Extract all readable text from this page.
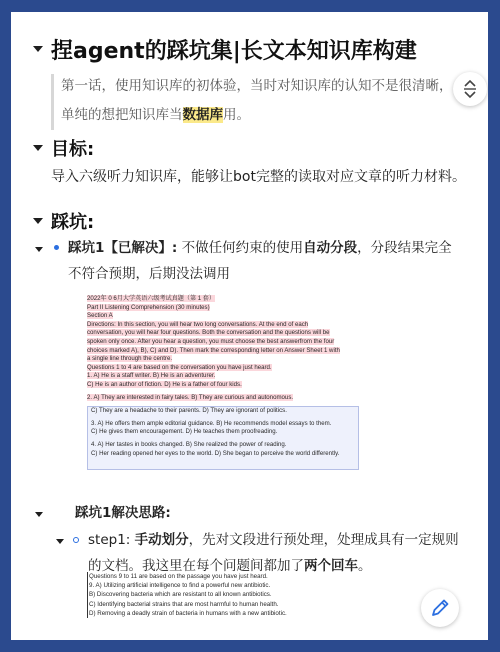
捏agent的踩坑集|长文本知识库构建
第一话，使用知识库的初体验，当时对知识库的认知不是很清晰，单纯的想把知识库当数据库用。
目标:
导入六级听力知识库，能够让bot完整的读取对应文章的听力材料。
踩坑:
踩坑1【已解决】: 不做任何约束的使用自动分段，分段结果完全不符合预期，后期没法调用
2022年 0 6月大学英语六级考试真题（第 1 套）
Part II Listening Comprehension (30 minutes)
Section A
Directions: In this section, you will hear two long conversations. At the end of each
conversation, you will hear four questions. Both the conversation and the questions will be
spoken only once. After you hear a question, you must choose the best answerfrom the four
choices marked A), B), C) and D). Then mark the corresponding letter on Answer Sheet 1 with
a single line through the centre.
Questions 1 to 4 are based on the conversation you have just heard.
1. A) He is a staff writer. B) He is an adventurer.
C) He is an author of fiction. D) He is a father of four kids.
2. A) They are interested in fairy tales. B) They are curious and autonomous.
C) They are a headache to their parents. D) They are ignorant of politics.
3. A) He offers them ample editorial guidance. B) He recommends model essays to them.
C) He gives them encouragement. D) He teaches them proofreading.
4. A) Her tastes in books changed. B) She realized the power of reading.
C) Her reading opened her eyes to the world. D) She began to perceive the world differently.
踩坑1解决思路:
step1: 手动划分，先对文段进行预处理，处理成具有一定规则的文档。我这里在每个问题间都加了两个回车。
Questions 9 to 11 are based on the passage you have just heard.
9. A) Utilizing artificial intelligence to find a powerful new antibiotic.
B) Discovering bacteria which are resistant to all known antibiotics.
C) Identifying bacterial strains that are most harmful to human health.
D) Removing a deadly strain of bacteria in humans with a new antibiotic.
